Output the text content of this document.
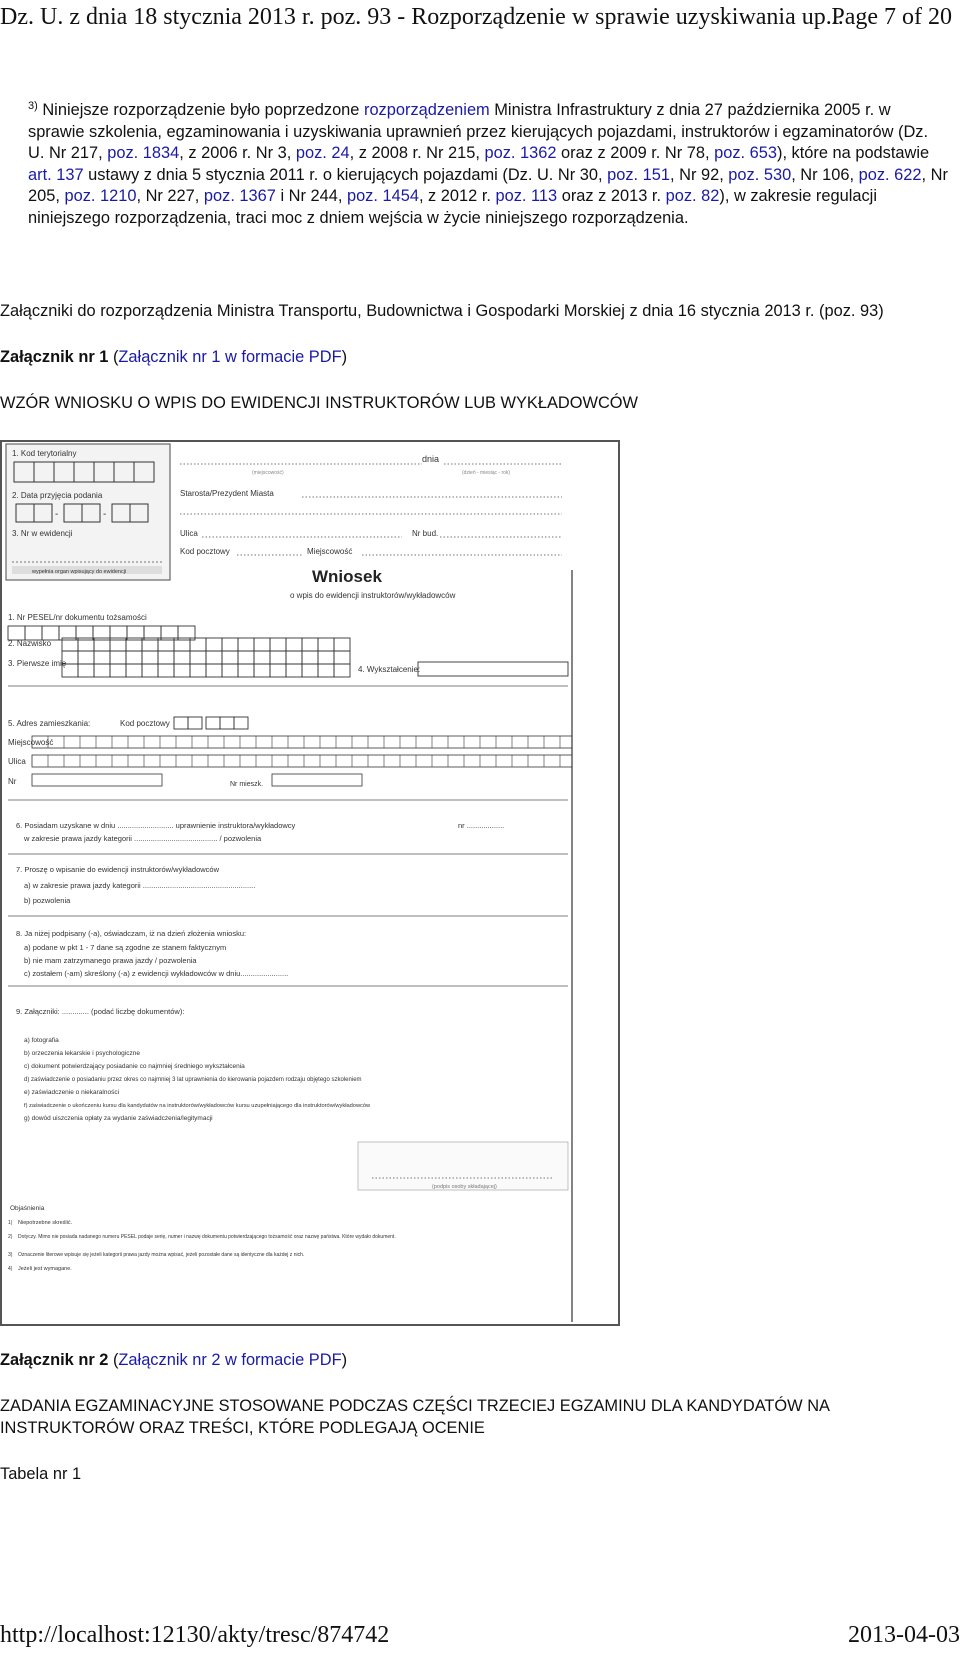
Dz. U. z dnia 18 stycznia 2013 r. poz. 93 - Rozporządzenie w sprawie uzyskiwania up...
Page 7 of 20
$^{3)}$ Niniejsze rozporządzenie było poprzedzone rozporządzeniem Ministra Infrastruktury z dnia 27 października 2005 r. w sprawie szkolenia, egzaminowania i uzyskiwania uprawnień przez kierujących pojazdami, instruktorów i egzaminatorów (Dz. U. Nr 217, poz. 1834, z 2006 r. Nr 3, poz. 24, z 2008 r. Nr 215, poz. 1362 oraz z 2009 r. Nr 78, poz. 653), które na podstawie art. 137 ustawy z dnia 5 stycznia 2011 r. o kierujących pojazdami (Dz. U. Nr 30, poz. 151, Nr 92, poz. 530, Nr 106, poz. 622, Nr 205, poz. 1210, Nr 227, poz. 1367 i Nr 244, poz. 1454, z 2012 r. poz. 113 oraz z 2013 r. poz. 82), w zakresie regulacji niniejszego rozporządzenia, traci moc z dniem wejścia w życie niniejszego rozporządzenia.
Załączniki do rozporządzenia Ministra Transportu, Budownictwa i Gospodarki Morskiej z dnia 16 stycznia 2013 r. (poz. 93)
Załącznik nr 1 (Załącznik nr 1 w formacie PDF)
WZÓR WNIOSKU O WPIS DO EWIDENCJI INSTRUKTORÓW LUB WYKŁADOWCÓW
1. Kod terytorialny
2. Data przyjęcia podania
-	-
3. Nr w ewidencji
wypełnia organ wpisujący do ewidencji
dnia
(miejscowość)	(dzień - miesiąc - rok)
Starosta/Prezydent Miasta
Ulica	Nr bud.
Kod pocztowy	Miejscowość
Wniosek
o wpis do ewidencji instruktorów/wykładowców
1. Nr PESEL/nr dokumentu tożsamości
2. Nazwisko
3. Pierwsze imię
4. Wykształcenie:
5. Adres zamieszkania:	Kod pocztowy
Miejscowość
Ulica
Nr	Nr mieszk.
6. Posiadam uzyskane w dniu ........................... uprawnienie instruktora/wykładowcy	nr ..................
w zakresie prawa jazdy kategorii ........................................ / pozwolenia
7. Proszę o wpisanie do ewidencji instruktorów/wykładowców
a) w zakresie prawa jazdy kategorii ......................................................
b) pozwolenia
8. Ja niżej podpisany (-a), oświadczam, iż na dzień złożenia wniosku:
a) podane w pkt 1 - 7 dane są zgodne ze stanem faktycznym
b) nie mam zatrzymanego prawa jazdy / pozwolenia
c) zostałem (-am) skreślony (-a) z ewidencji wykładowców w dniu.......................
9. Załączniki: ............. (podać liczbę dokumentów):
a) fotografia
b) orzeczenia lekarskie i psychologiczne
c) dokument potwierdzający posiadanie co najmniej średniego wykształcenia
d) zaświadczenie o posiadaniu przez okres co najmniej 3 lat uprawnienia do kierowania pojazdem rodzaju objętego szkoleniem
e) zaświadczenie o niekaralności
f) zaświadczenie o ukończeniu kursu dla kandydatów na instruktorów/wykładowców kursu uzupełniającego dla instruktorów/wykładowców
g) dowód uiszczenia opłaty za wydanie zaświadczenia/legitymacji
(podpis osoby składającej)
Objaśnienia
1) Niepotrzebne skreślić.
2) Dotyczy. Mimo nie posiada nadanego numeru PESEL podaje serię, numer i nazwę dokumentu potwierdzającego tożsamość oraz nazwę państwa. Które wydało dokument.
3) Oznaczenie literowe wpisuje się jeżeli kategorii prawa jazdy można wpisać, jeżeli pozostałe dane są identyczne dla każdej z nich.
4) Jeżeli jest wymagane.
Załącznik nr 2 (Załącznik nr 2 w formacie PDF)
ZADANIA EGZAMINACYJNE STOSOWANE PODCZAS CZĘŚCI TRZECIEJ EGZAMINU DLA KANDYDATÓW NA INSTRUKTORÓW ORAZ TREŚCI, KTÓRE PODLEGAJĄ OCENIE
Tabela nr 1
http://localhost:12130/akty/tresc/874742	2013-04-03
